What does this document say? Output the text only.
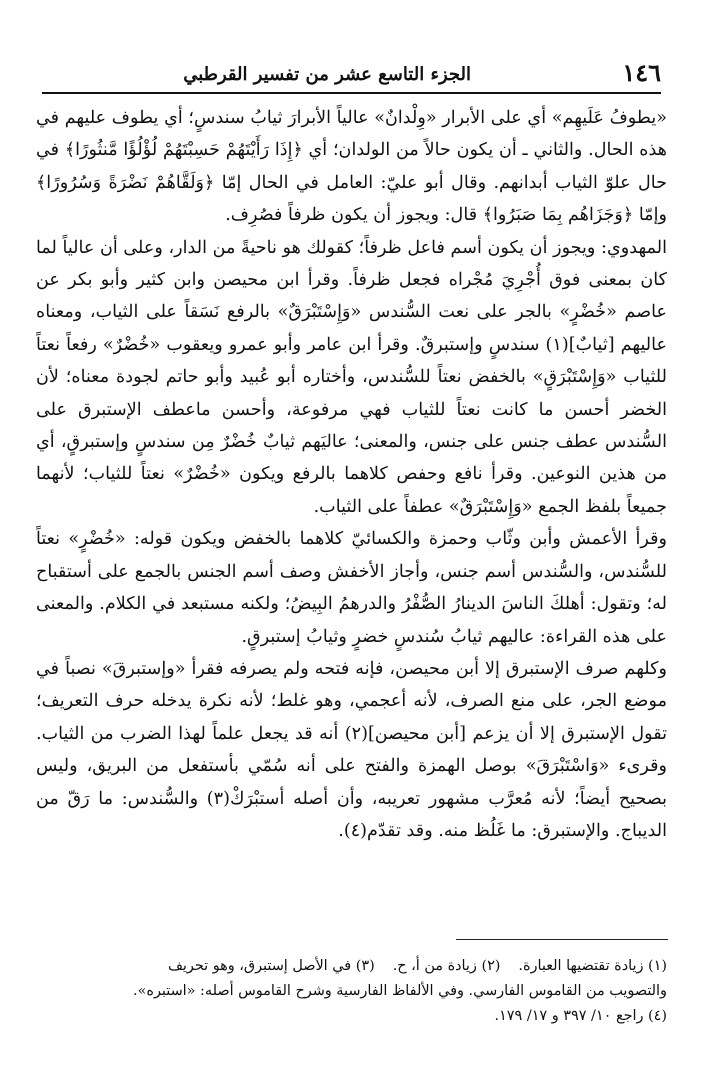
١٤٦
الجزء التاسع عشر من تفسير القرطبي

«يطوفُ عَلَيهِم» أي على الأبرار «وِلْدانٌ» عالياً الأبرارَ ثيابُ سندسٍ؛ أي يطوف عليهم في هذه الحال. والثاني ـ أن يكون حالاً من الولدان؛ أي ﴿إِذَا رَأَيْتَهُمْ حَسِبْتَهُمْ لُؤْلُؤًا مَّنثُورًا﴾ في حال علوّ الثياب أبدانهم. وقال أبو عليّ: العامل في الحال إمّا ﴿وَلَقَّاهُمْ نَضْرَةً وَسُرُورًا﴾ وإمّا ﴿وَجَزَاهُم بِمَا صَبَرُوا﴾ قال: ويجوز أن يكون ظرفاً فصُرِف.

المهدوي: ويجوز أن يكون أسم فاعل ظرفاً؛ كقولك هو ناحيةً من الدار، وعلى أن عالياً لما كان بمعنى فوق أُجْرِيَ مُجْراه فجعل ظرفاً. وقرأ ابن محيصن وابن كثير وأبو بكر عن عاصم «خُضْرٍ» بالجر على نعت السُّندس «وَإِسْتَبْرَقٌ» بالرفع نَسَقاً على الثياب، ومعناه عاليهم [ثيابٌ](١) سندسٍ وإستبرقٌ. وقرأ ابن عامر وأبو عمرو ويعقوب «خُضْرٌ» رفعاً نعتاً للثياب «وَإِسْتَبْرَقٍ» بالخفض نعتاً للسُّندس، وأختاره أبو عُبيد وأبو حاتم لجودة معناه؛ لأن الخضر أحسن ما كانت نعتاً للثياب فهي مرفوعة، وأحسن ماعطف الإستبرق على السُّندس عطف جنس على جنس، والمعنى؛ عاليَهم ثيابٌ خُضْرٌ مِن سندسٍ وإستبرقٍ، أي من هذين النوعين. وقرأ نافع وحفص كلاهما بالرفع ويكون «خُضْرٌ» نعتاً للثياب؛ لأنهما جميعاً بلفظ الجمع «وَإِسْتَبْرَقٌ» عطفاً على الثياب.

وقرأ الأعمش وأبن وثّاب وحمزة والكسائيّ كلاهما بالخفض ويكون قوله: «خُضْرٍ» نعتاً للسُّندس، والسُّندس أسم جنس، وأجاز الأخفش وصف أسم الجنس بالجمع على أستقباح له؛ وتقول: أهلكَ الناسَ الدينارُ الصُّفْرُ والدرهمُ البِيضُ؛ ولكنه مستبعد في الكلام. والمعنى على هذه القراءة: عاليهم ثيابُ سُندسٍ خضرٍ وثيابُ إستبرقٍ.

وكلهم صرف الإستبرق إلا أبن محيصن، فإنه فتحه ولم يصرفه فقرأ «وإستبرقَ» نصباً في موضع الجر، على منع الصرف، لأنه أعجمي، وهو غلط؛ لأنه نكرة يدخله حرف التعريف؛ تقول الإستبرق إلا أن يزعم [أبن محيصن](٢) أنه قد يجعل علماً لهذا الضرب من الثياب. وقرىء «وَاسْتَبْرَقَ» بوصل الهمزة والفتح على أنه سُمّي بأستفعل من البريق، وليس بصحيح أيضاً؛ لأنه مُعرَّب مشهور تعريبه، وأن أصله أستبْرَكْ(٣) والسُّندس: ما رَقّ من الديباج. والإستبرق: ما غَلُظ منه. وقد تقدّم(٤).

(١) زيادة تقتضيها العبارة.(٢) زيادة من أ، ح.(٣) في الأصل إستبرق، وهو تحريف
والتصويب من القاموس الفارسي. وفي الألفاظ الفارسية وشرح القاموس أصله: «استبره».
(٤) راجع ١٠/ ٣٩٧ و ١٧/ ١٧٩.
